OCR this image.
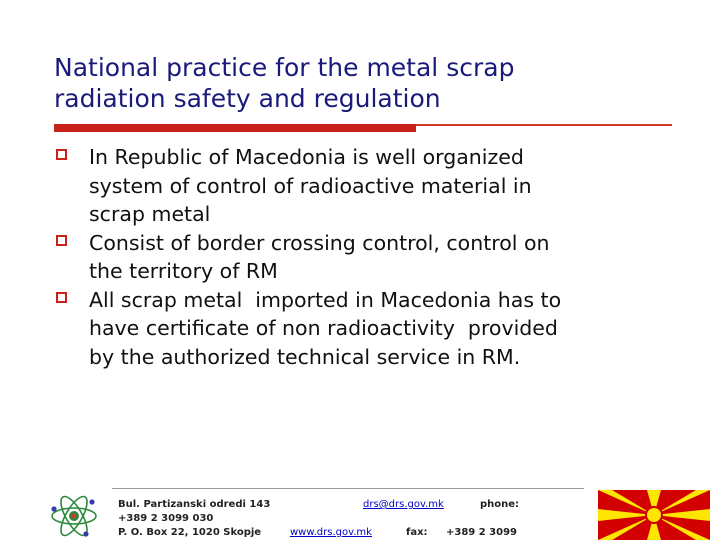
National practice for the metal scrap
radiation safety and regulation
In Republic of Macedonia is well organized
system of control of radioactive material in
scrap metal
Consist of border crossing control, control on
the territory of RM
All scrap metal  imported in Macedonia has to
have certificate of non radioactivity  provided
by the authorized technical service in RM.
Bul. Partizanski odredi 143
+389 2 3099 030
P. O. Box 22, 1020 Skopje
drs@drs.gov.mk	phone:
www.drs.gov.mk	fax: +389 2 3099
